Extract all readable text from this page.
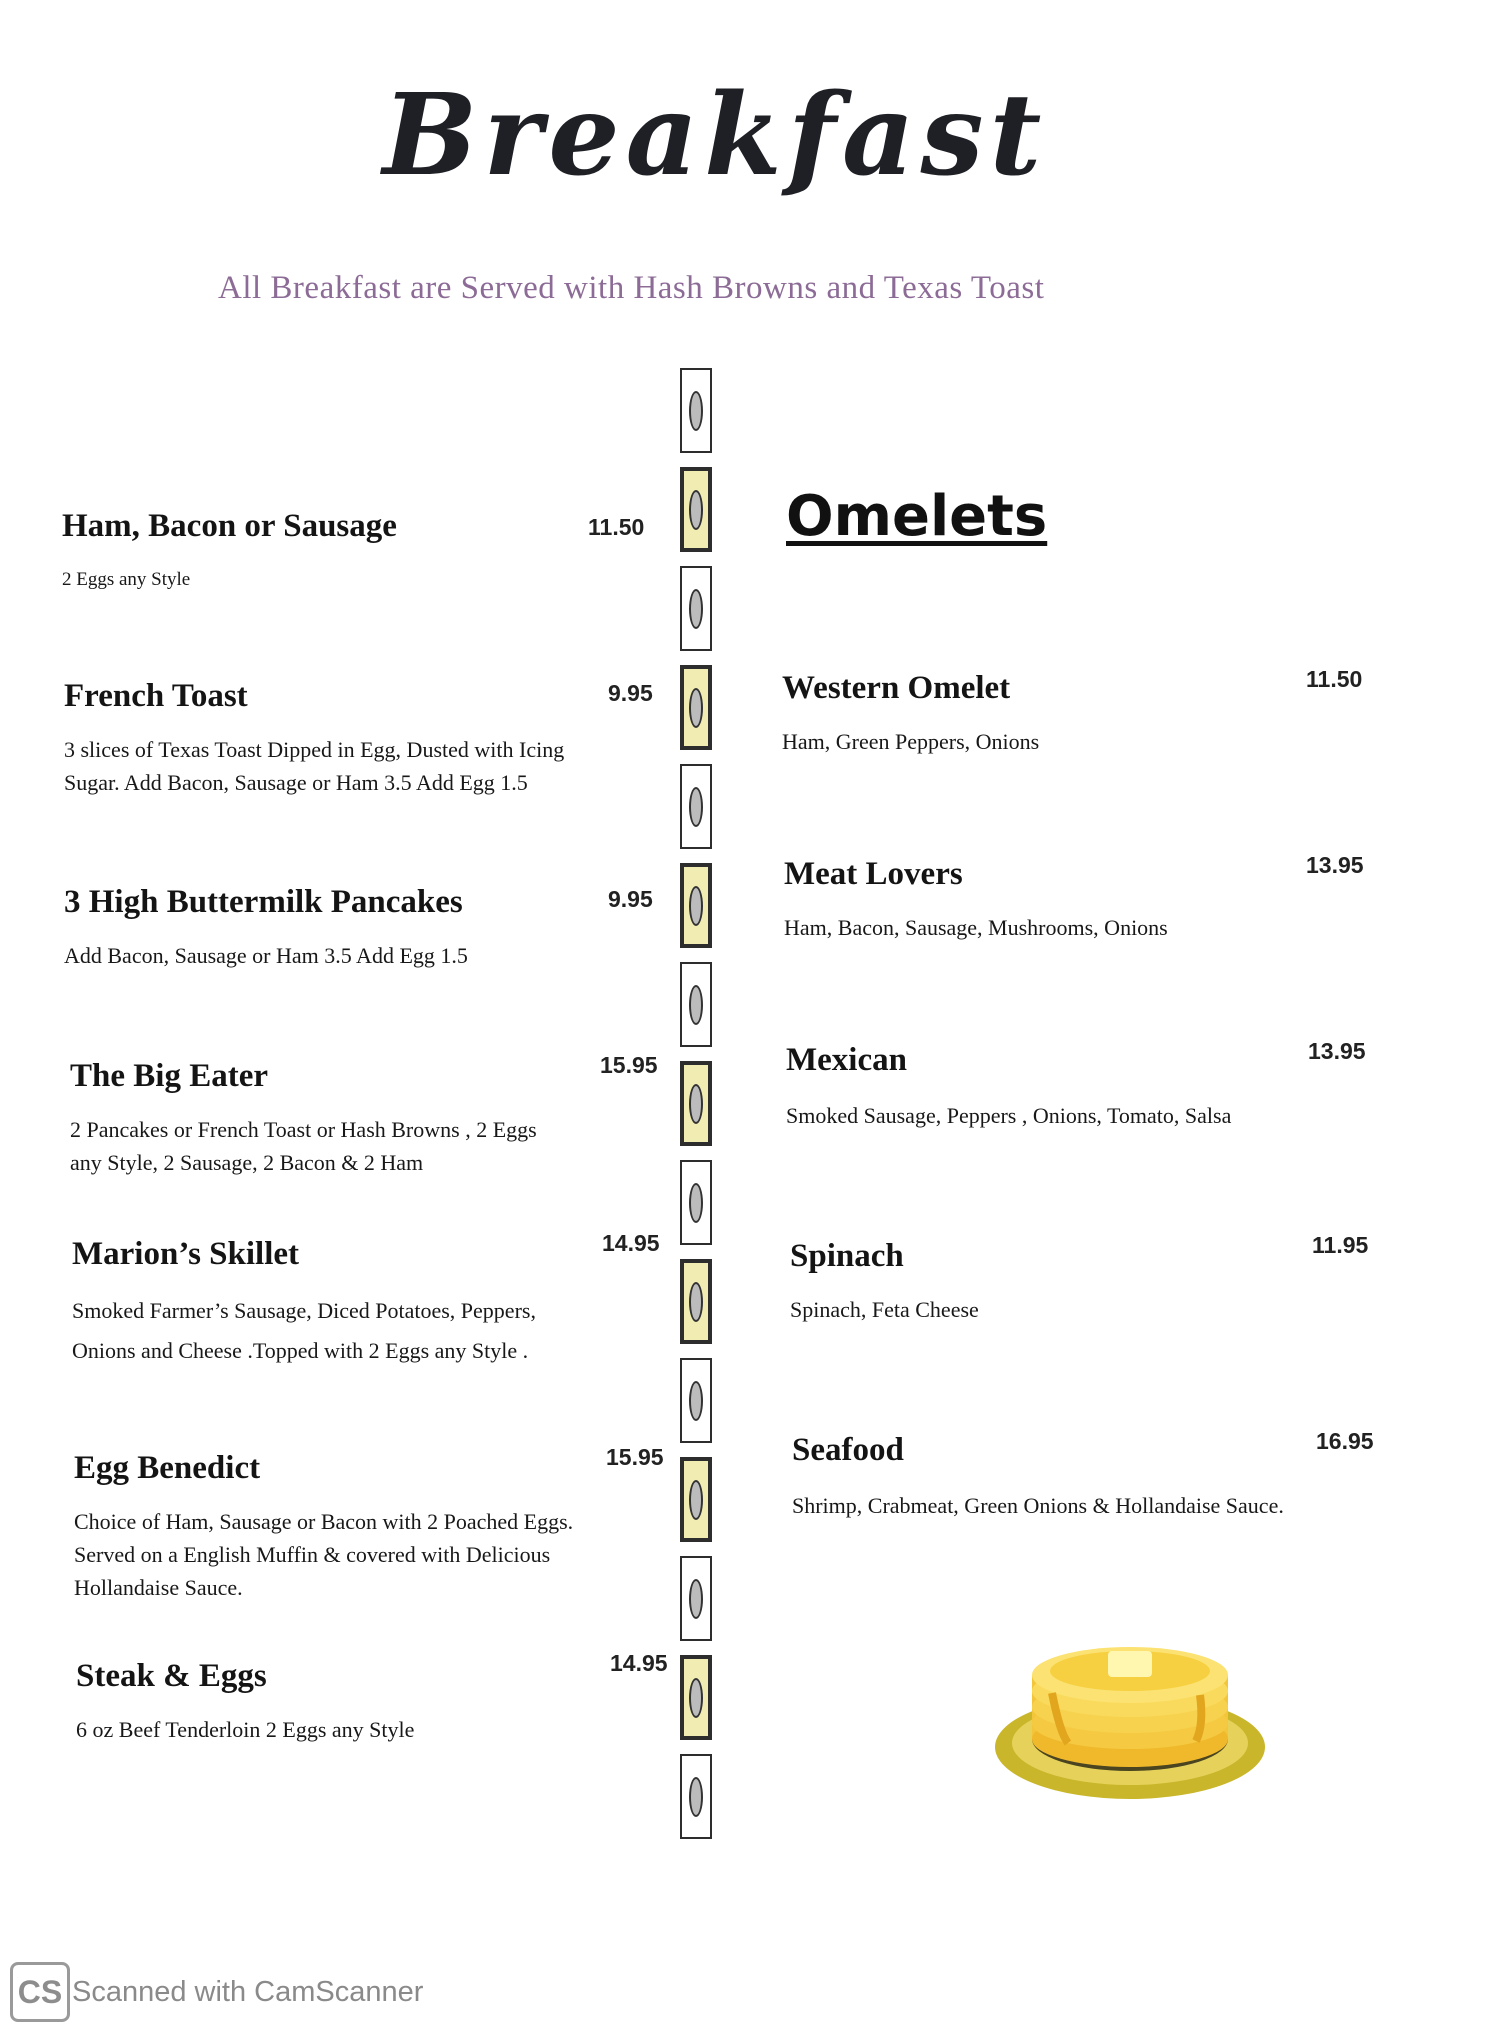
Breakfast
All Breakfast are Served with Hash Browns and Texas Toast
Ham, Bacon or Sausage
2 Eggs any Style
11.50
French Toast
3 slices of Texas Toast Dipped in Egg, Dusted with Icing Sugar. Add Bacon, Sausage or Ham 3.5 Add Egg 1.5
9.95
3 High Buttermilk Pancakes
Add Bacon, Sausage or Ham 3.5 Add Egg 1.5
9.95
The Big Eater
2 Pancakes or French Toast or Hash Browns , 2 Eggs any Style, 2 Sausage, 2 Bacon & 2 Ham
15.95
Marion’s Skillet
Smoked Farmer’s Sausage, Diced Potatoes, Peppers, Onions and Cheese .Topped with 2 Eggs any Style .
14.95
Egg Benedict
Choice of Ham, Sausage or Bacon with 2 Poached Eggs. Served on a English Muffin & covered with Delicious Hollandaise Sauce.
15.95
Steak & Eggs
6 oz Beef Tenderloin 2 Eggs any Style
14.95
Omelets
Western Omelet
Ham, Green Peppers, Onions
11.50
Meat Lovers
Ham, Bacon, Sausage, Mushrooms, Onions
13.95
Mexican
Smoked Sausage, Peppers , Onions, Tomato, Salsa
13.95
Spinach
Spinach, Feta Cheese
11.95
Seafood
Shrimp, Crabmeat, Green Onions & Hollandaise Sauce.
16.95
CS Scanned with CamScanner
